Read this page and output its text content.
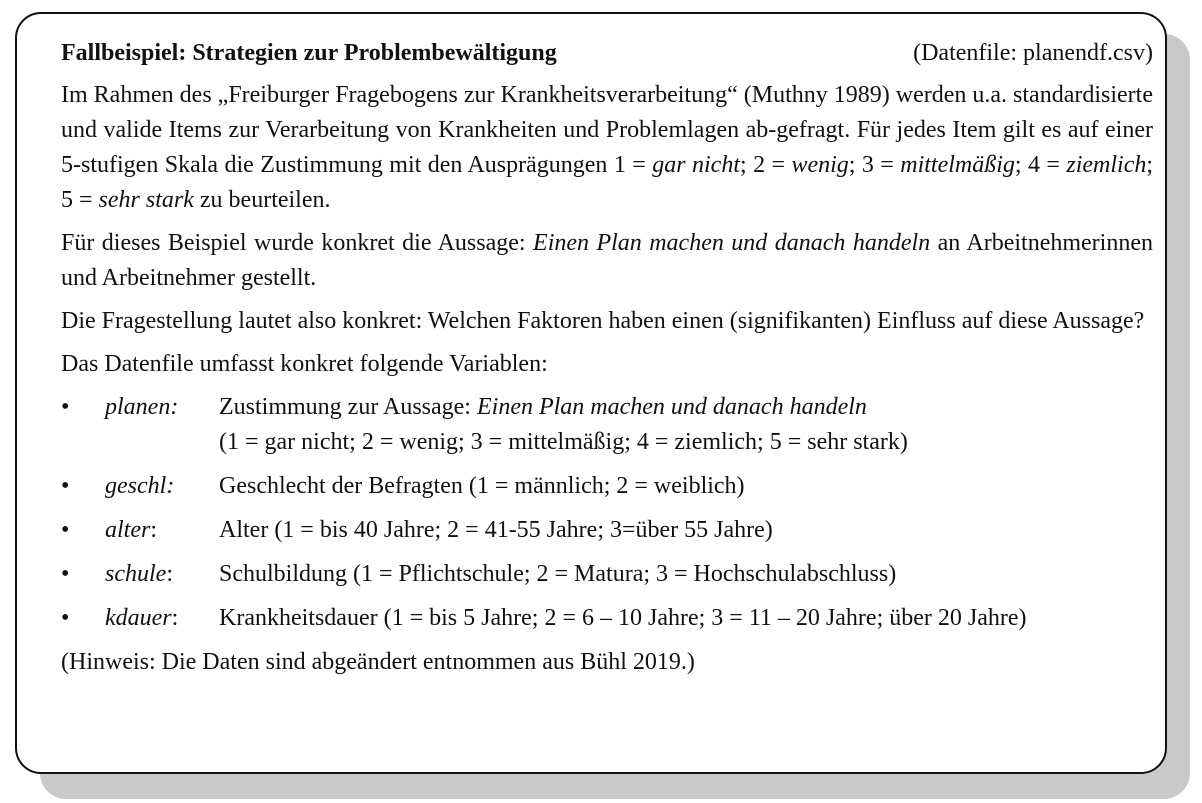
Fallbeispiel: Strategien zur Problembewältigung	(Datenfile: planendf.csv)

Im Rahmen des „Freiburger Fragebogens zur Krankheitsverarbeitung“ (Muthny 1989) werden u.a. standardisierte und valide Items zur Verarbeitung von Krankheiten und Problemlagen ab-gefragt. Für jedes Item gilt es auf einer 5-stufigen Skala die Zustimmung mit den Ausprägungen 1 = gar nicht; 2 = wenig; 3 = mittelmäßig; 4 = ziemlich; 5 = sehr stark zu beurteilen.

Für dieses Beispiel wurde konkret die Aussage: Einen Plan machen und danach handeln an Arbeitnehmerinnen und Arbeitnehmer gestellt.

Die Fragestellung lautet also konkret: Welchen Faktoren haben einen (signifikanten) Einfluss auf diese Aussage?

Das Datenfile umfasst konkret folgende Variablen:

•	planen:	Zustimmung zur Aussage: Einen Plan machen und danach handeln
(1 = gar nicht; 2 = wenig; 3 = mittelmäßig; 4 = ziemlich; 5 = sehr stark)
•	geschl:	Geschlecht der Befragten (1 = männlich; 2 = weiblich)
•	alter:	Alter (1 = bis 40 Jahre; 2 = 41-55 Jahre; 3=über 55 Jahre)
•	schule:	Schulbildung (1 = Pflichtschule; 2 = Matura; 3 = Hochschulabschluss)
•	kdauer:	Krankheitsdauer (1 = bis 5 Jahre; 2 = 6 – 10 Jahre; 3 = 11 – 20 Jahre; über 20 Jahre)

(Hinweis: Die Daten sind abgeändert entnommen aus Bühl 2019.)
